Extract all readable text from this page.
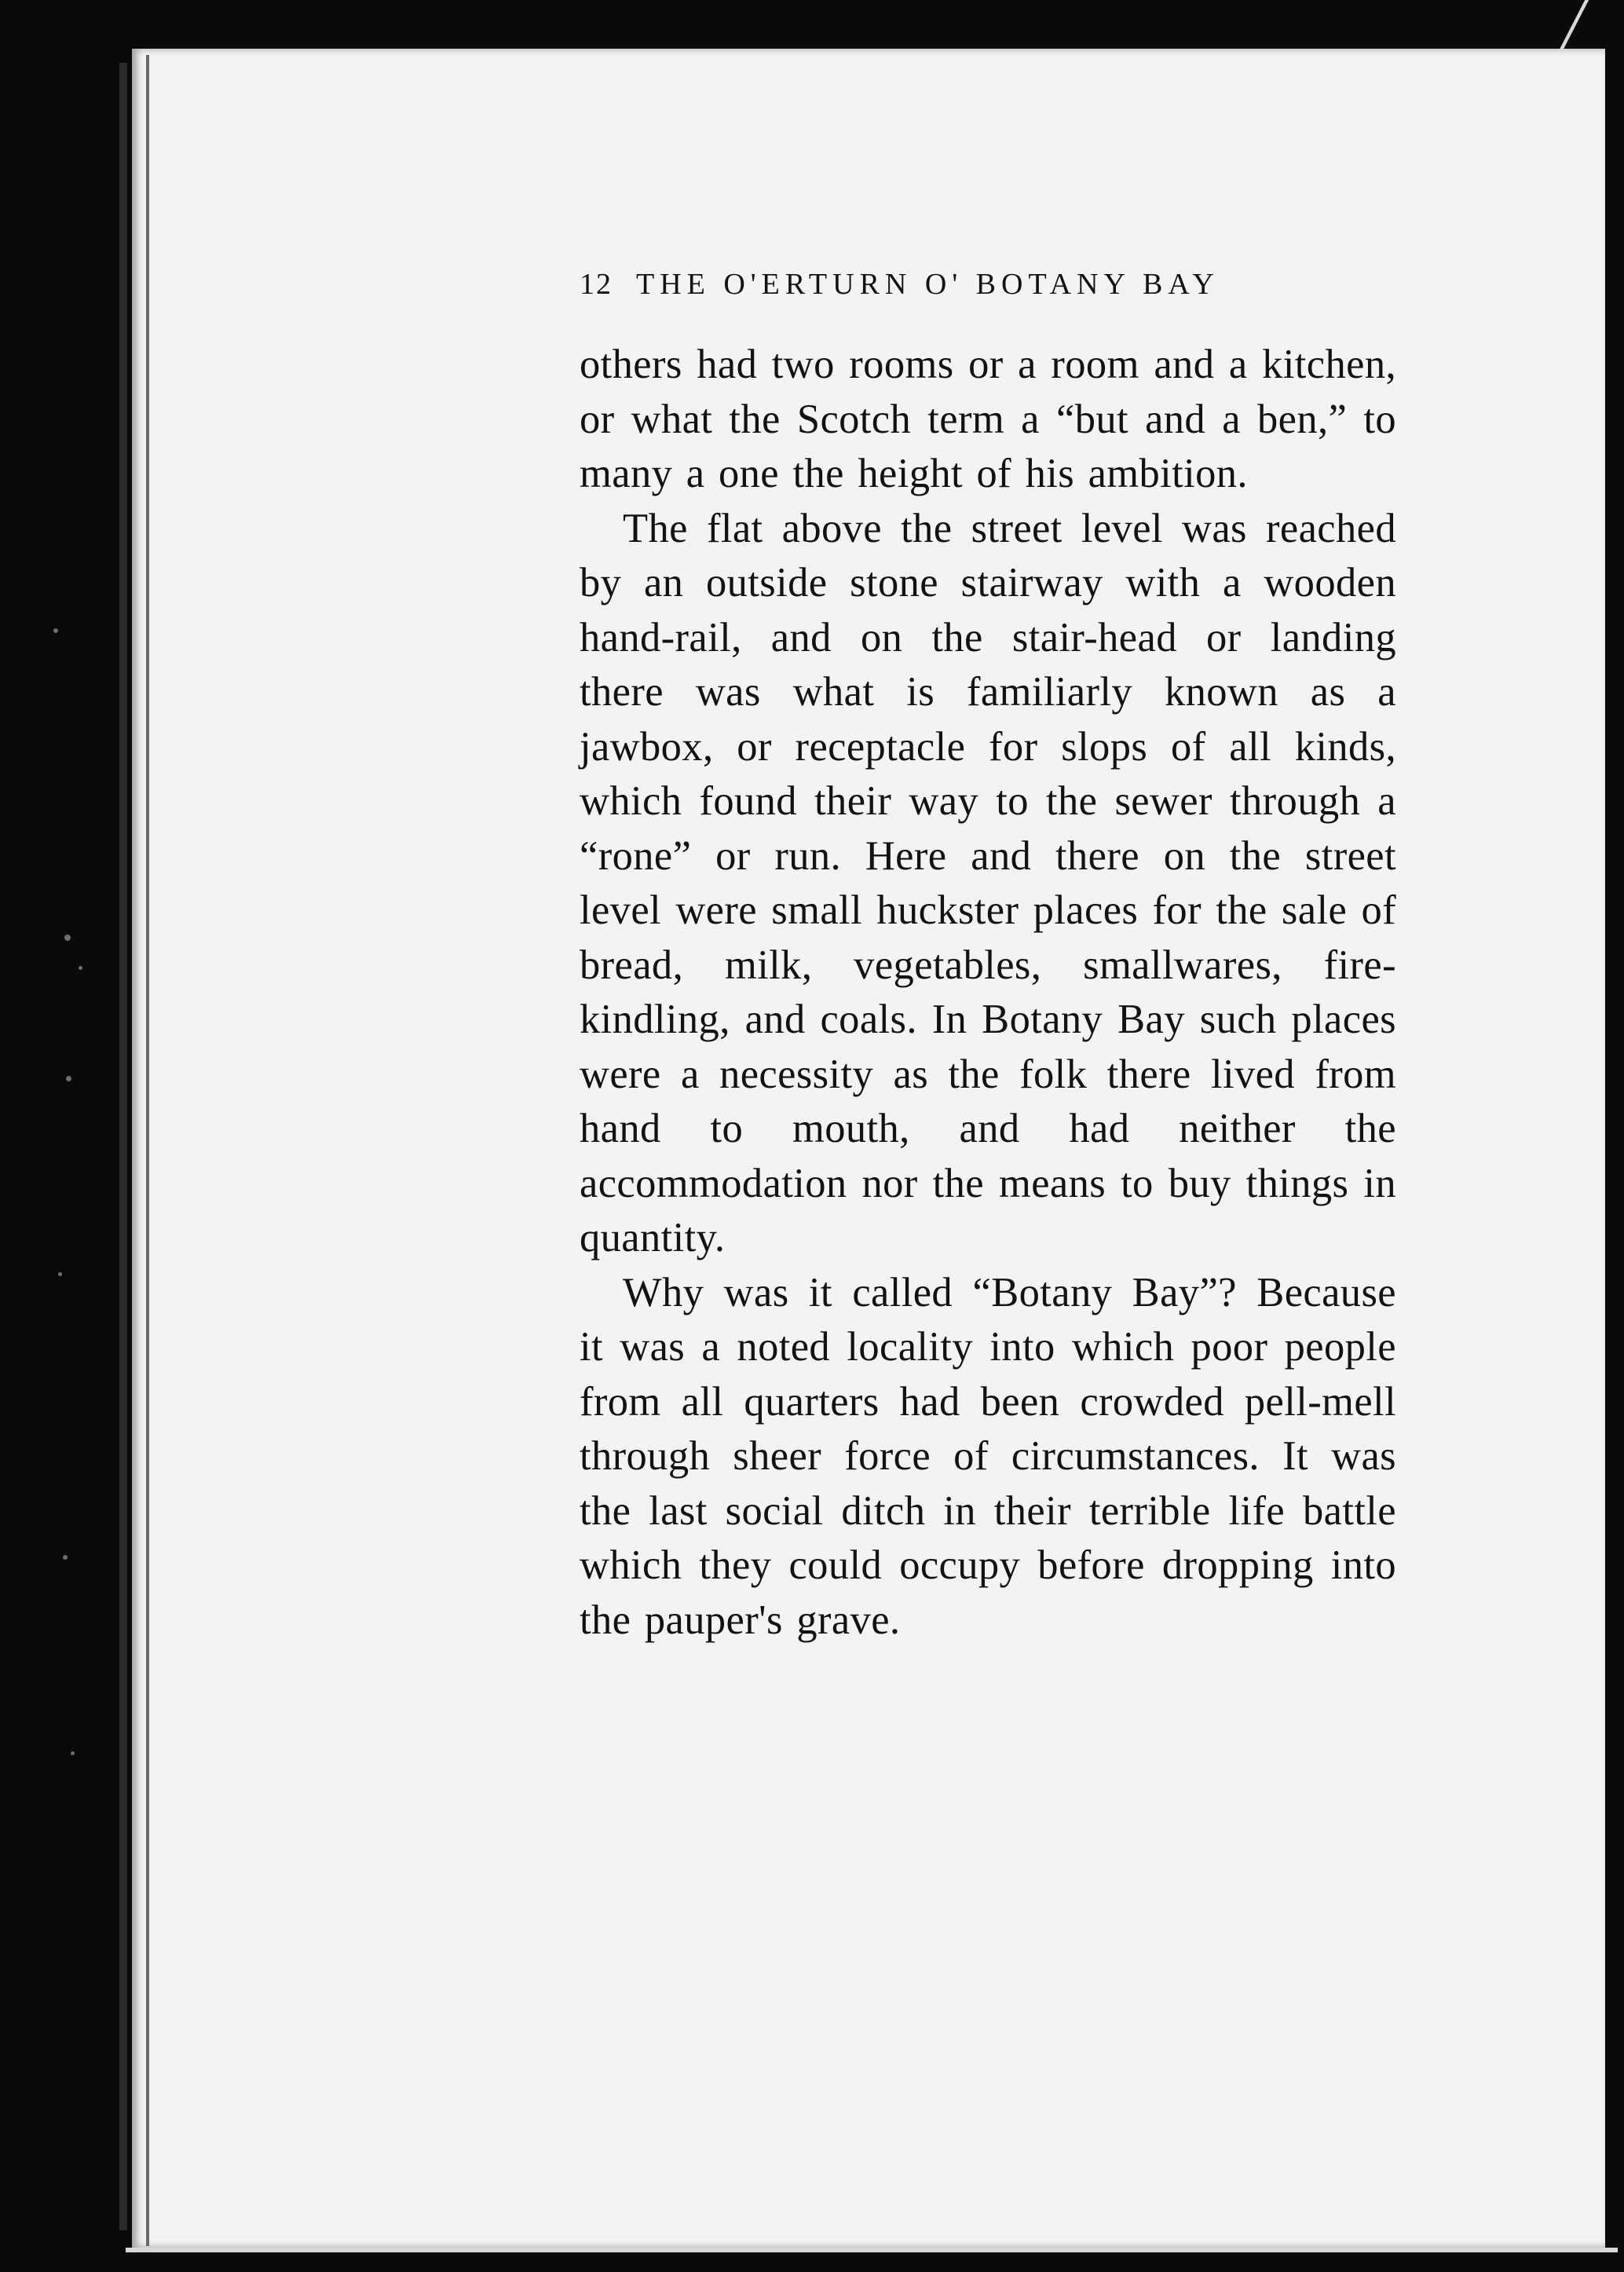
╱
12 THE O'ERTURN O' BOTANY BAY

others had two rooms or a room and a kitchen, or what the Scotch term a “but and a ben,” to many a one the height of his ambition.

The flat above the street level was reached by an outside stone stairway with a wooden hand-rail, and on the stair-head or landing there was what is familiarly known as a jawbox, or receptacle for slops of all kinds, which found their way to the sewer through a “rone” or run. Here and there on the street level were small huckster places for the sale of bread, milk, vegetables, smallwares, fire-kindling, and coals. In Botany Bay such places were a necessity as the folk there lived from hand to mouth, and had neither the accommodation nor the means to buy things in quantity.

Why was it called “Botany Bay”? Because it was a noted locality into which poor people from all quarters had been crowded pell-mell through sheer force of circumstances. It was the last social ditch in their terrible life battle which they could occupy before dropping into the pauper's grave.
